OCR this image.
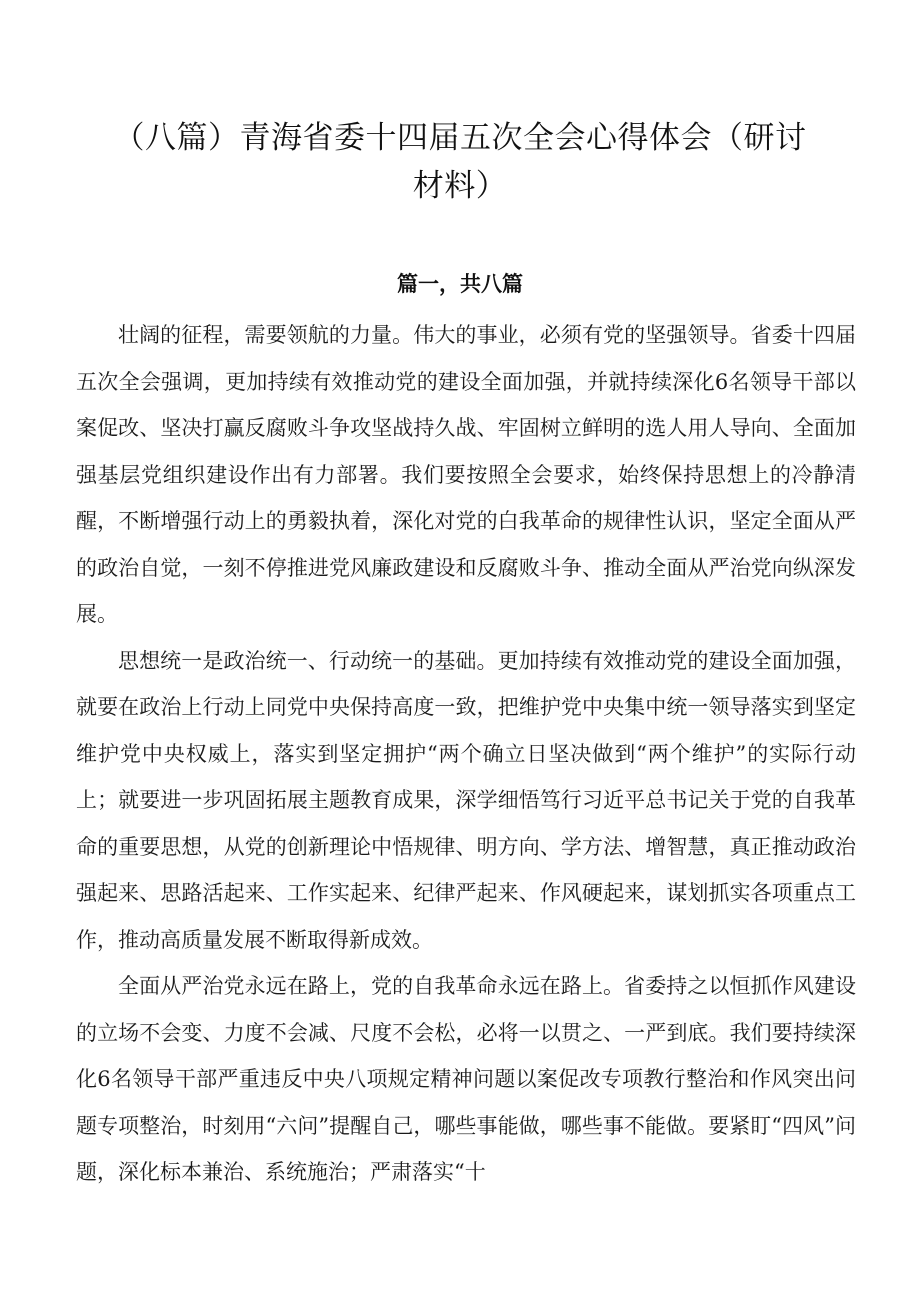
（八篇）青海省委十四届五次全会心得体会（研讨材料）
篇一，共八篇

壮阔的征程，需要领航的力量。伟大的事业，必须有党的坚强领导。省委十四届五次全会强调，更加持续有效推动党的建设全面加强，并就持续深化6名领导干部以案促改、坚决打赢反腐败斗争攻坚战持久战、牢固树立鲜明的选人用人导向、全面加强基层党组织建设作出有力部署。我们要按照全会要求，始终保持思想上的冷静清醒，不断增强行动上的勇毅执着，深化对党的白我革命的规律性认识，坚定全面从严的政治自觉，一刻不停推进党风廉政建设和反腐败斗争、推动全面从严治党向纵深发展。

思想统一是政治统一、行动统一的基础。更加持续有效推动党的建设全面加强，就要在政治上行动上同党中央保持高度一致，把维护党中央集中统一领导落实到坚定维护党中央权威上，落实到坚定拥护“两个确立日坚决做到“两个维护”的实际行动上；就要进一步巩固拓展主题教育成果，深学细悟笃行习近平总书记关于党的自我革命的重要思想，从党的创新理论中悟规律、明方向、学方法、增智慧，真正推动政治强起来、思路活起来、工作实起来、纪律严起来、作风硬起来，谋划抓实各项重点工作，推动高质量发展不断取得新成效。

全面从严治党永远在路上，党的自我革命永远在路上。省委持之以恒抓作风建设的立场不会变、力度不会减、尺度不会松，必将一以贯之、一严到底。我们要持续深化6名领导干部严重违反中央八项规定精神问题以案促改专项教行整治和作风突出问题专项整治，时刻用“六问”提醒自己，哪些事能做，哪些事不能做。要紧盯“四风”问题，深化标本兼治、系统施治；严肃落实“十
